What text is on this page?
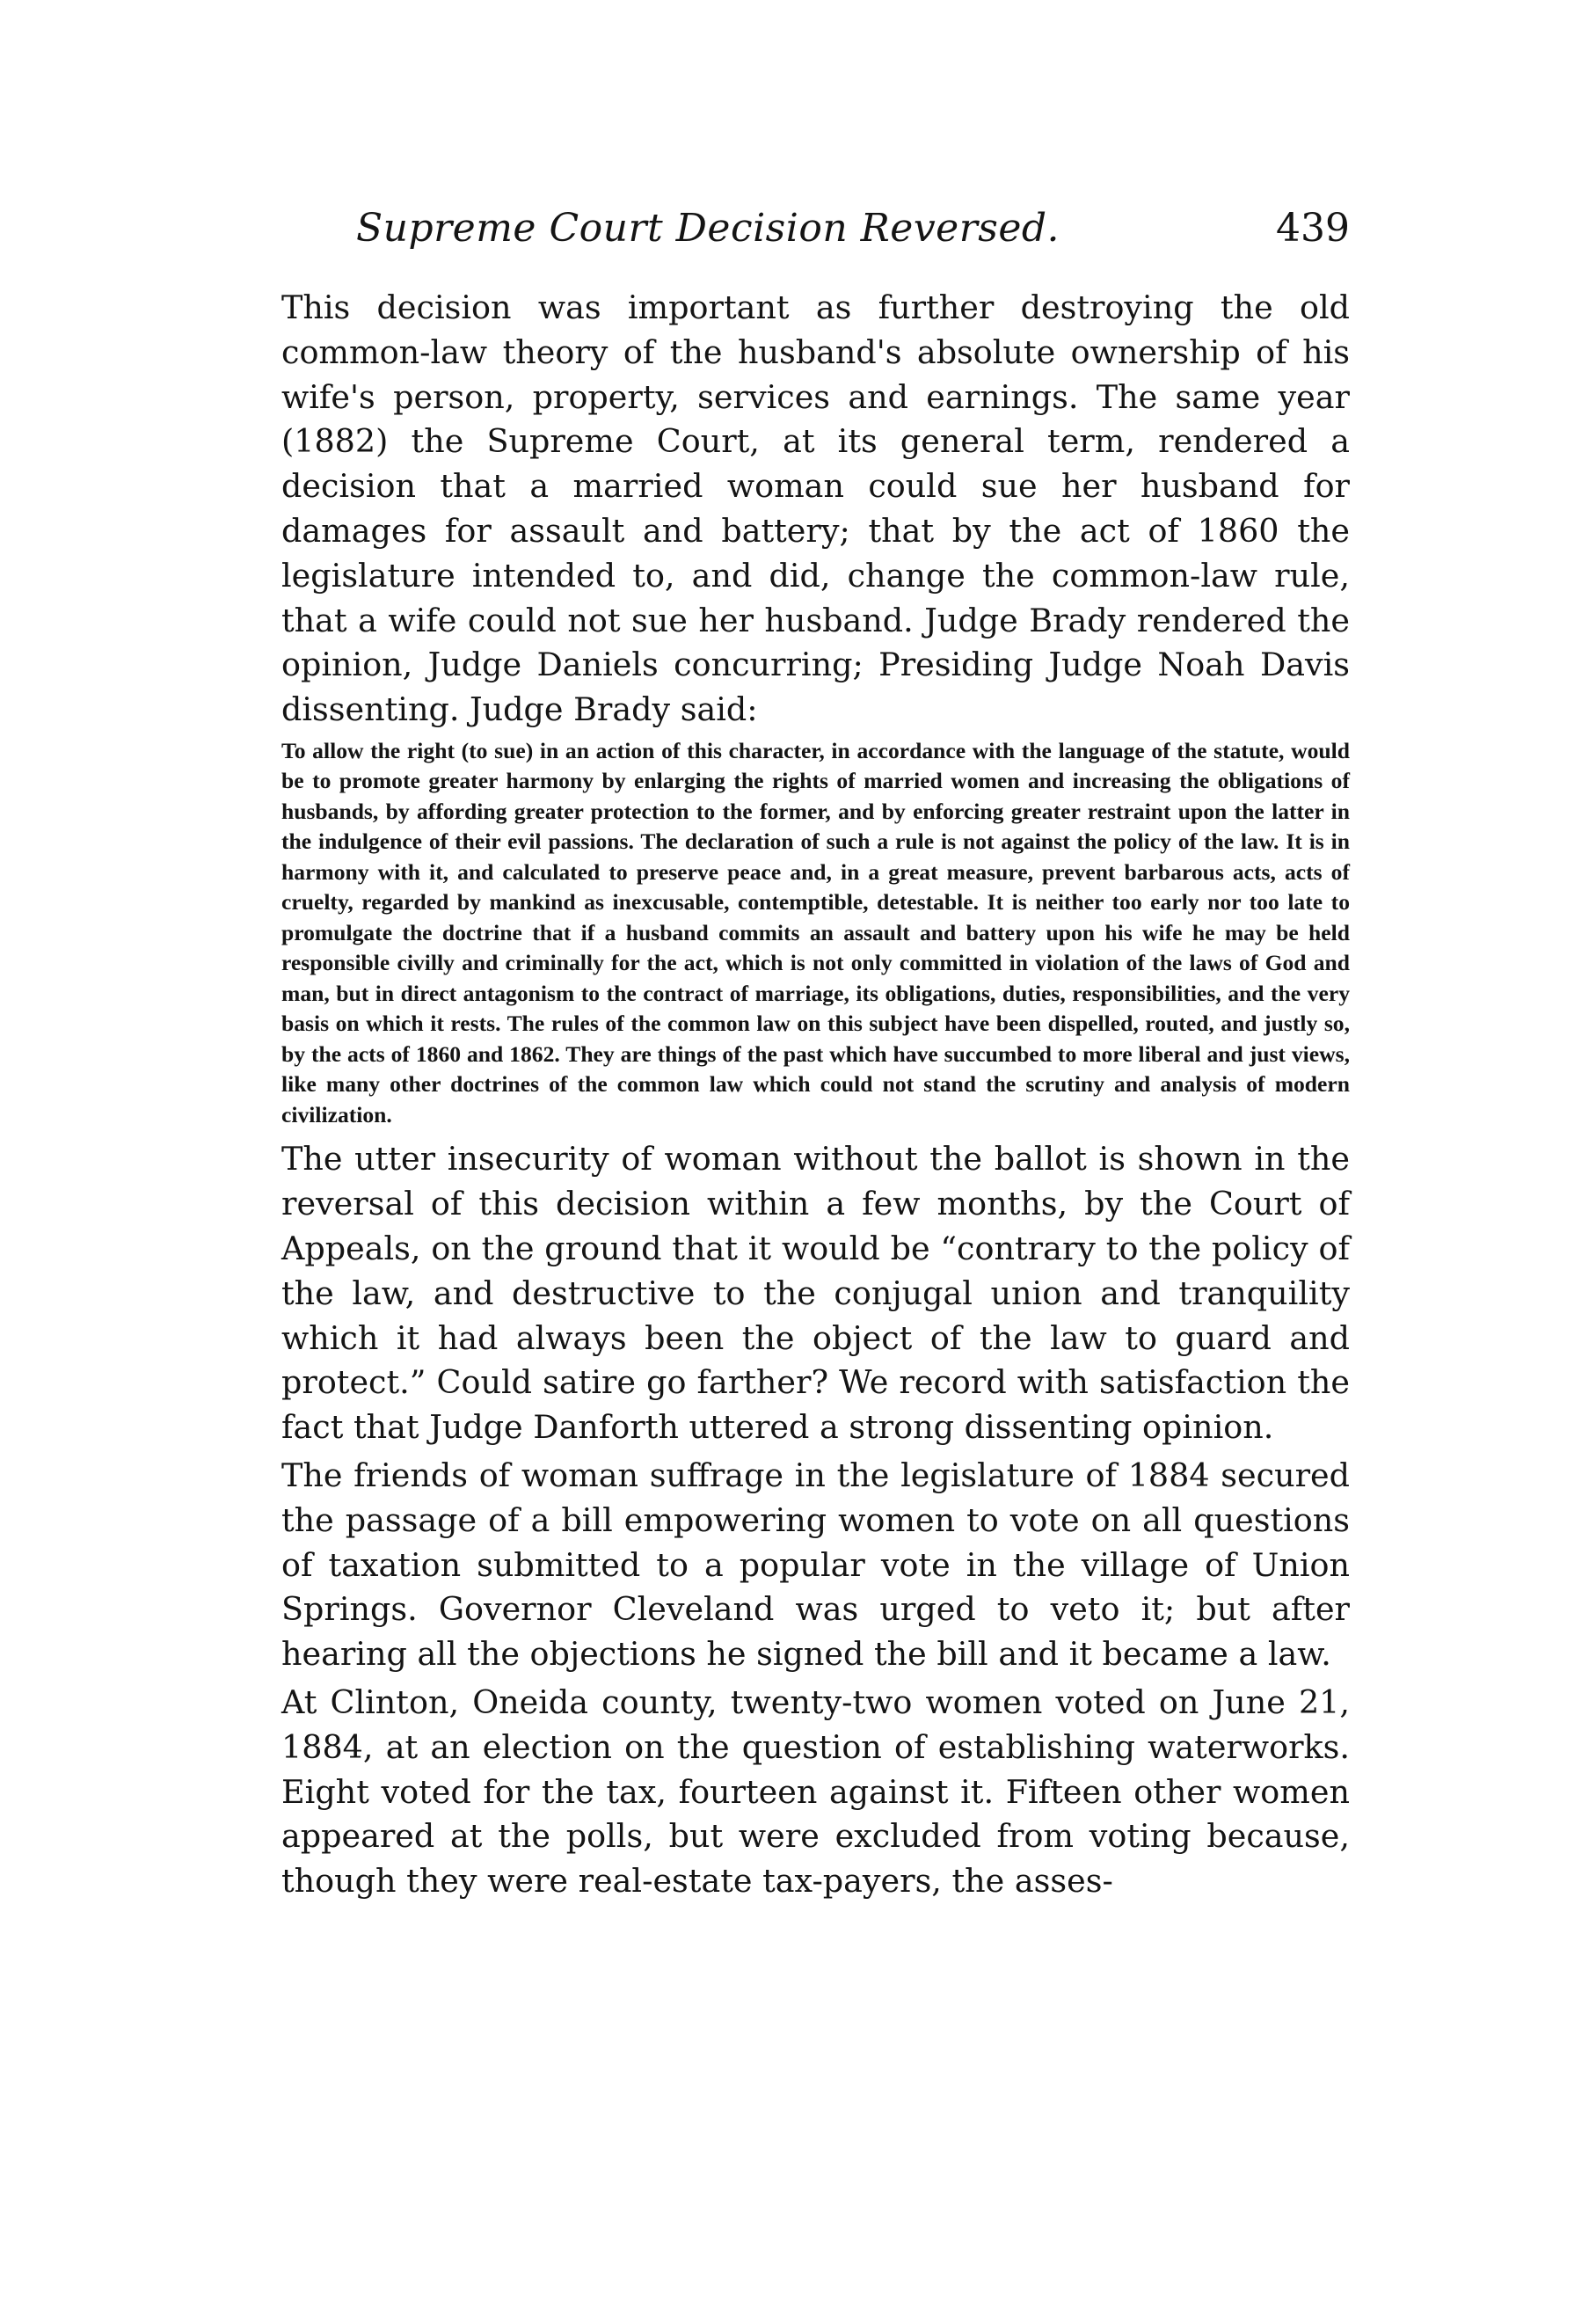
Supreme Court Decision Reversed.	439

This decision was important as further destroying the old common-law theory of the husband's absolute ownership of his wife's person, property, services and earnings. The same year (1882) the Supreme Court, at its general term, rendered a decision that a married woman could sue her husband for damages for assault and battery; that by the act of 1860 the legislature intended to, and did, change the common-law rule, that a wife could not sue her husband. Judge Brady rendered the opinion, Judge Daniels concurring; Presiding Judge Noah Davis dissenting. Judge Brady said:

To allow the right (to sue) in an action of this character, in accordance with the language of the statute, would be to promote greater harmony by enlarging the rights of married women and increasing the obligations of husbands, by affording greater protection to the former, and by enforcing greater restraint upon the latter in the indulgence of their evil passions. The declaration of such a rule is not against the policy of the law. It is in harmony with it, and calculated to preserve peace and, in a great measure, prevent barbarous acts, acts of cruelty, regarded by mankind as inexcusable, contemptible, detestable. It is neither too early nor too late to promulgate the doctrine that if a husband commits an assault and battery upon his wife he may be held responsible civilly and criminally for the act, which is not only committed in violation of the laws of God and man, but in direct antagonism to the contract of marriage, its obligations, duties, responsibilities, and the very basis on which it rests. The rules of the common law on this subject have been dispelled, routed, and justly so, by the acts of 1860 and 1862. They are things of the past which have succumbed to more liberal and just views, like many other doctrines of the common law which could not stand the scrutiny and analysis of modern civilization.

The utter insecurity of woman without the ballot is shown in the reversal of this decision within a few months, by the Court of Appeals, on the ground that it would be “contrary to the policy of the law, and destructive to the conjugal union and tranquility which it had always been the object of the law to guard and protect.” Could satire go farther? We record with satisfaction the fact that Judge Danforth uttered a strong dissenting opinion.

The friends of woman suffrage in the legislature of 1884 secured the passage of a bill empowering women to vote on all questions of taxation submitted to a popular vote in the village of Union Springs. Governor Cleveland was urged to veto it; but after hearing all the objections he signed the bill and it became a law.

At Clinton, Oneida county, twenty-two women voted on June 21, 1884, at an election on the question of establishing waterworks. Eight voted for the tax, fourteen against it. Fifteen other women appeared at the polls, but were excluded from voting because, though they were real-estate tax-payers, the asses-
